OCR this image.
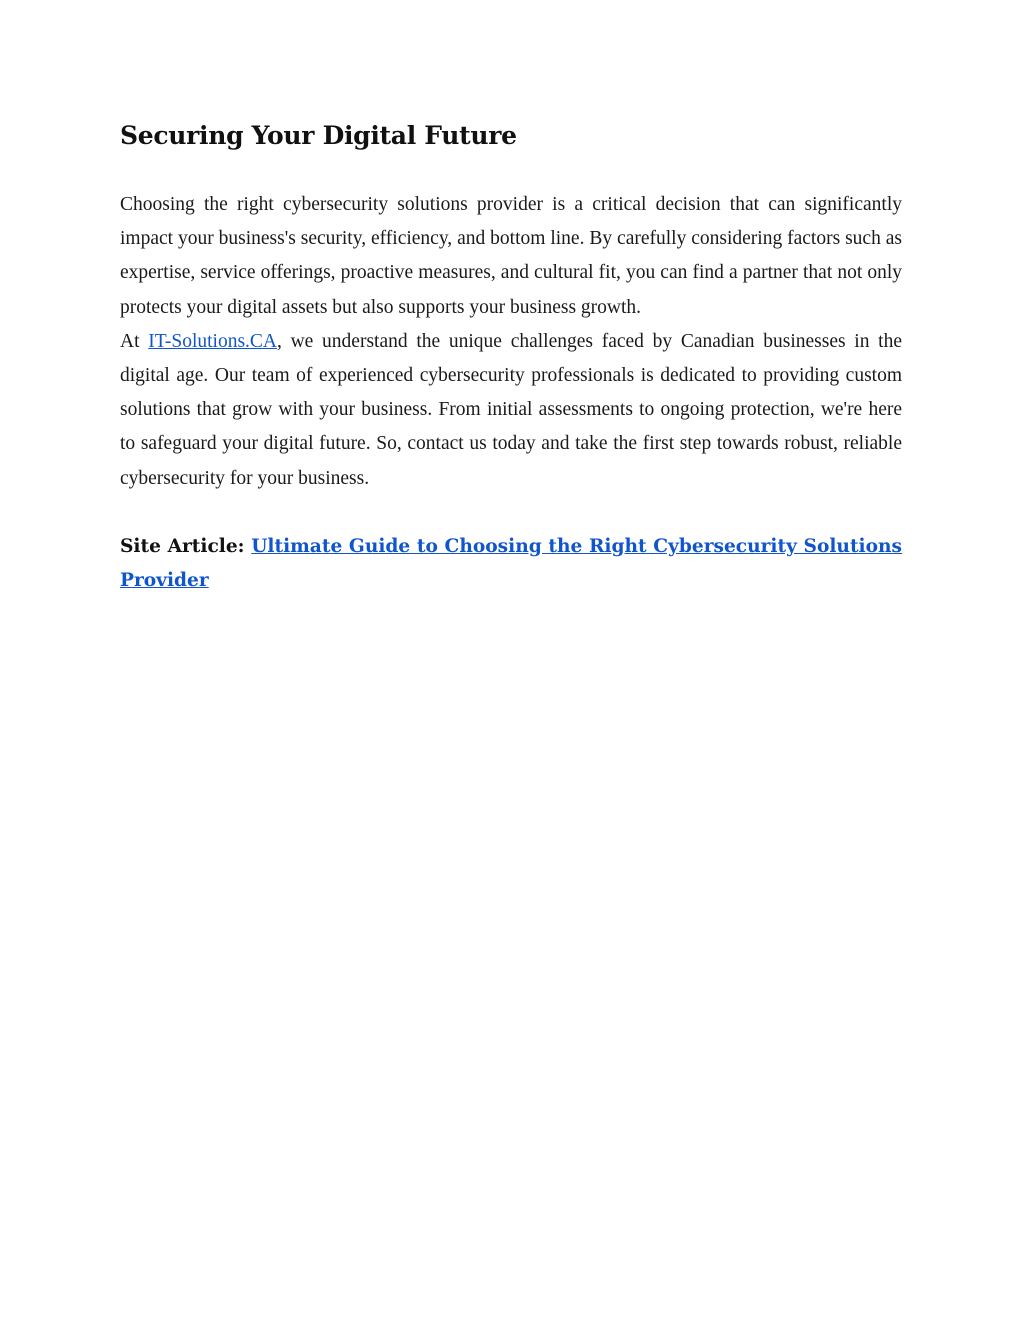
Securing Your Digital Future

Choosing the right cybersecurity solutions provider is a critical decision that can significantly impact your business's security, efficiency, and bottom line. By carefully considering factors such as expertise, service offerings, proactive measures, and cultural fit, you can find a partner that not only protects your digital assets but also supports your business growth.

At IT-Solutions.CA, we understand the unique challenges faced by Canadian businesses in the digital age. Our team of experienced cybersecurity professionals is dedicated to providing custom solutions that grow with your business. From initial assessments to ongoing protection, we're here to safeguard your digital future. So, contact us today and take the first step towards robust, reliable cybersecurity for your business.

Site Article: Ultimate Guide to Choosing the Right Cybersecurity Solutions Provider
